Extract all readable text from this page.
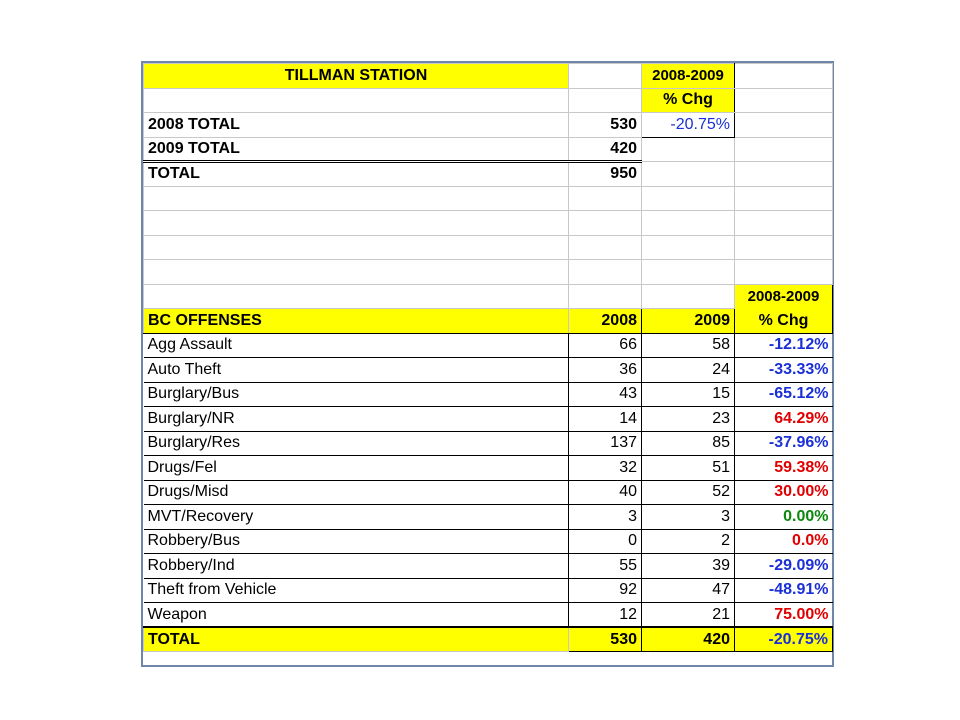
TILLMAN STATION		2008-2009	
		% Chg	
2008 TOTAL	530	-20.75%	
2009 TOTAL	420		
TOTAL	950		

			2008-2009
BC OFFENSES	2008	2009	% Chg
Agg Assault	66	58	-12.12%
Auto Theft	36	24	-33.33%
Burglary/Bus	43	15	-65.12%
Burglary/NR	14	23	64.29%
Burglary/Res	137	85	-37.96%
Drugs/Fel	32	51	59.38%
Drugs/Misd	40	52	30.00%
MVT/Recovery	3	3	0.00%
Robbery/Bus	0	2	0.0%
Robbery/Ind	55	39	-29.09%
Theft from Vehicle	92	47	-48.91%
Weapon	12	21	75.00%
TOTAL	530	420	-20.75%
